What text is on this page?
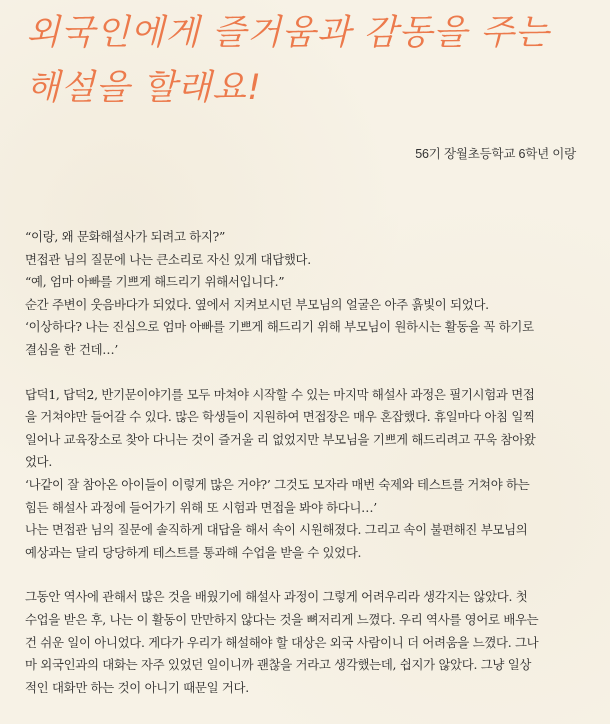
외국인에게 즐거움과 감동을 주는
해설을 할래요!
56기 장월초등학교 6학년 이랑
“이랑, 왜 문화해설사가 되려고 하지?”
면접관 님의 질문에 나는 큰소리로 자신 있게 대답했다.
“예, 엄마 아빠를 기쁘게 해드리기 위해서입니다.”
순간 주변이 웃음바다가 되었다. 옆에서 지켜보시던 부모님의 얼굴은 아주 흙빛이 되었다.
‘이상하다? 나는 진심으로 엄마 아빠를 기쁘게 해드리기 위해 부모님이 원하시는 활동을 꼭 하기로
결심을 한 건데…’
답덕1, 답덕2, 반기문이야기를 모두 마쳐야 시작할 수 있는 마지막 해설사 과정은 필기시험과 면접
을 거쳐야만 들어갈 수 있다. 많은 학생들이 지원하여 면접장은 매우 혼잡했다. 휴일마다 아침 일찍
일어나 교육장소로 찾아 다니는 것이 즐거울 리 없었지만 부모님을 기쁘게 해드리려고 꾸욱 참아왔
었다.
‘나같이 잘 참아온 아이들이 이렇게 많은 거야?’ 그것도 모자라 매번 숙제와 테스트를 거쳐야 하는
힘든 해설사 과정에 들어가기 위해 또 시험과 면접을 봐야 하다니…’
나는 면접관 님의 질문에 솔직하게 대답을 해서 속이 시원해졌다. 그리고 속이 불편해진 부모님의
예상과는 달리 당당하게 테스트를 통과해 수업을 받을 수 있었다.
그동안 역사에 관해서 많은 것을 배웠기에 해설사 과정이 그렇게 어려우리라 생각지는 않았다. 첫
수업을 받은 후, 나는 이 활동이 만만하지 않다는 것을 뼈저리게 느꼈다. 우리 역사를 영어로 배우는
건 쉬운 일이 아니었다. 게다가 우리가 해설해야 할 대상은 외국 사람이니 더 어려움을 느꼈다. 그나
마 외국인과의 대화는 자주 있었던 일이니까 괜찮을 거라고 생각했는데, 쉽지가 않았다. 그냥 일상
적인 대화만 하는 것이 아니기 때문일 거다.
